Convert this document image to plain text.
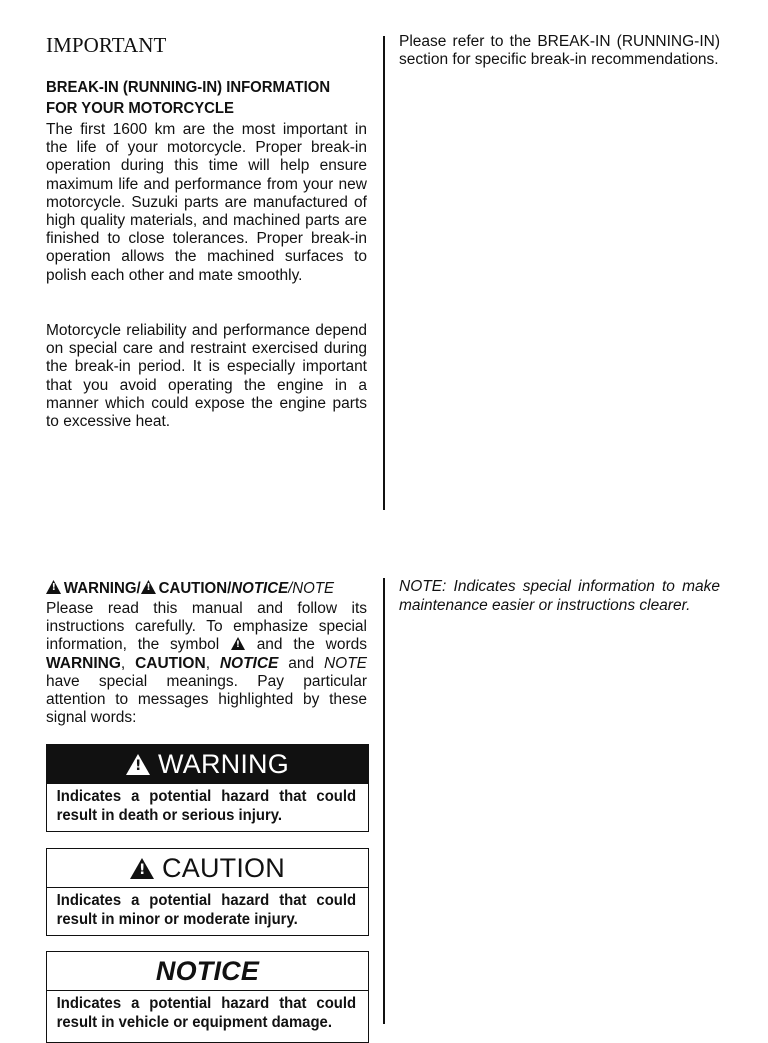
IMPORTANT
BREAK-IN (RUNNING-IN) INFORMATION
FOR YOUR MOTORCYCLE
The first 1600 km are the most important in the life of your motorcycle. Proper break-in operation during this time will help ensure maximum life and performance from your new motorcycle. Suzuki parts are manufactured of high quality materials, and machined parts are finished to close tolerances. Proper break-in operation allows the machined surfaces to polish each other and mate smoothly.
Motorcycle reliability and performance depend on special care and restraint exercised during the break-in period. It is especially important that you avoid operating the engine in a manner which could expose the engine parts to excessive heat.
Please refer to the BREAK-IN (RUNNING-IN) section for specific break-in recommendations.
!WARNING/ ! CAUTION/NOTICE/NOTE
Please read this manual and follow its instructions carefully. To emphasize special information, the symbol ! and the words WARNING, CAUTION, NOTICE and NOTE have special meanings. Pay particular attention to messages highlighted by these signal words:
!
WARNING
Indicates a potential hazard that could result in death or serious injury.
!
CAUTION
Indicates a potential hazard that could result in minor or moderate injury.
NOTICE
Indicates a potential hazard that could result in vehicle or equipment damage.
NOTE: Indicates special information to make maintenance easier or instructions clearer.
